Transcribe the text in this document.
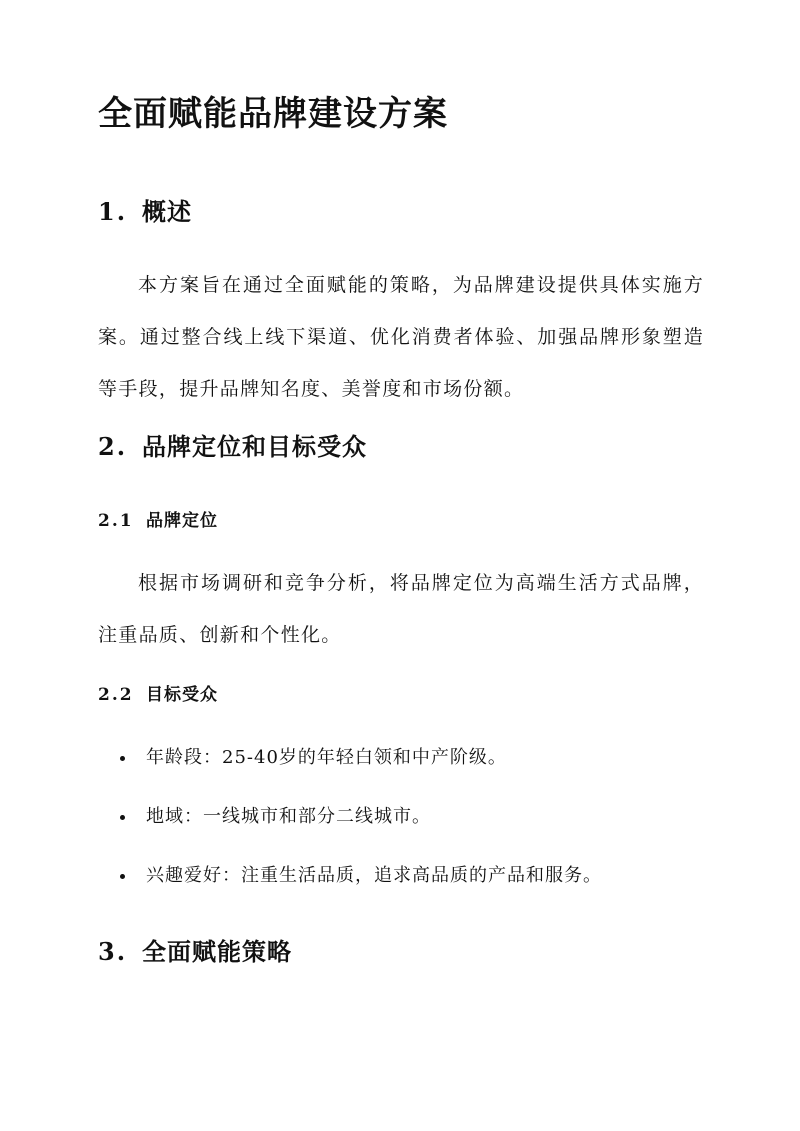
全面赋能品牌建设方案
1. 概述

本方案旨在通过全面赋能的策略，为品牌建设提供具体实施方案。通过整合线上线下渠道、优化消费者体验、加强品牌形象塑造等手段，提升品牌知名度、美誉度和市场份额。

2. 品牌定位和目标受众
2.1 品牌定位

根据市场调研和竞争分析，将品牌定位为高端生活方式品牌，注重品质、创新和个性化。

2.2 目标受众
年龄段：25-40岁的年轻白领和中产阶级。
地域：一线城市和部分二线城市。
兴趣爱好：注重生活品质，追求高品质的产品和服务。
3. 全面赋能策略
